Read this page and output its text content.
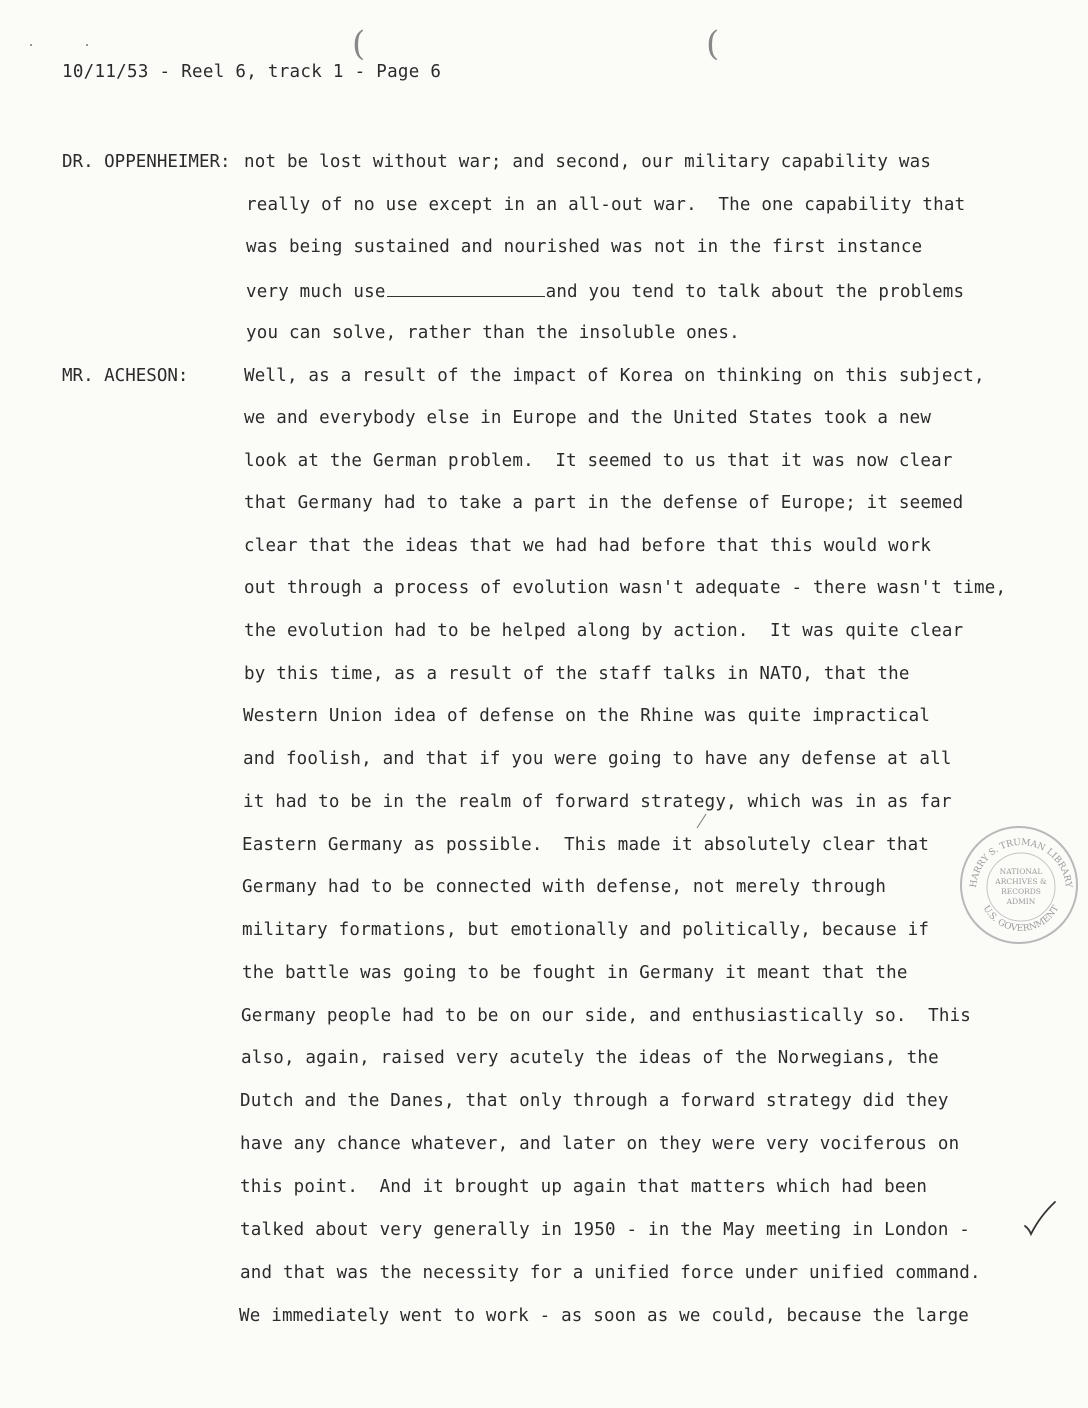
(	(
10/11/53 - Reel 6, track 1 - Page 6
DR. OPPENHEIMER: not be lost without war; and second, our military capability was
really of no use except in an all-out war.  The one capability that
was being sustained and nourished was not in the first instance
very much use	and you tend to talk about the problems
you can solve, rather than the insoluble ones.
MR. ACHESON:	Well, as a result of the impact of Korea on thinking on this subject,
we and everybody else in Europe and the United States took a new
look at the German problem.  It seemed to us that it was now clear
that Germany had to take a part in the defense of Europe; it seemed
clear that the ideas that we had had before that this would work
out through a process of evolution wasn't adequate - there wasn't time,
the evolution had to be helped along by action.  It was quite clear
by this time, as a result of the staff talks in NATO, that the
Western Union idea of defense on the Rhine was quite impractical
and foolish, and that if you were going to have any defense at all
it had to be in the realm of forward strategy, which was in as far
Eastern Germany as possible.  This made it absolutely clear that
Germany had to be connected with defense, not merely through
military formations, but emotionally and politically, because if
the battle was going to be fought in Germany it meant that the
Germany people had to be on our side, and enthusiastically so.  This
also, again, raised very acutely the ideas of the Norwegians, the
Dutch and the Danes, that only through a forward strategy did they
have any chance whatever, and later on they were very vociferous on
this point.  And it brought up again that matters which had been
talked about very generally in 1950 - in the May meeting in London -
and that was the necessity for a unified force under unified command.
We immediately went to work - as soon as we could, because the large
HARRY S. TRUMAN LIBRARY
U.S. GOVERNMENT
NATIONAL
ARCHIVES &
RECORDS
ADMIN
